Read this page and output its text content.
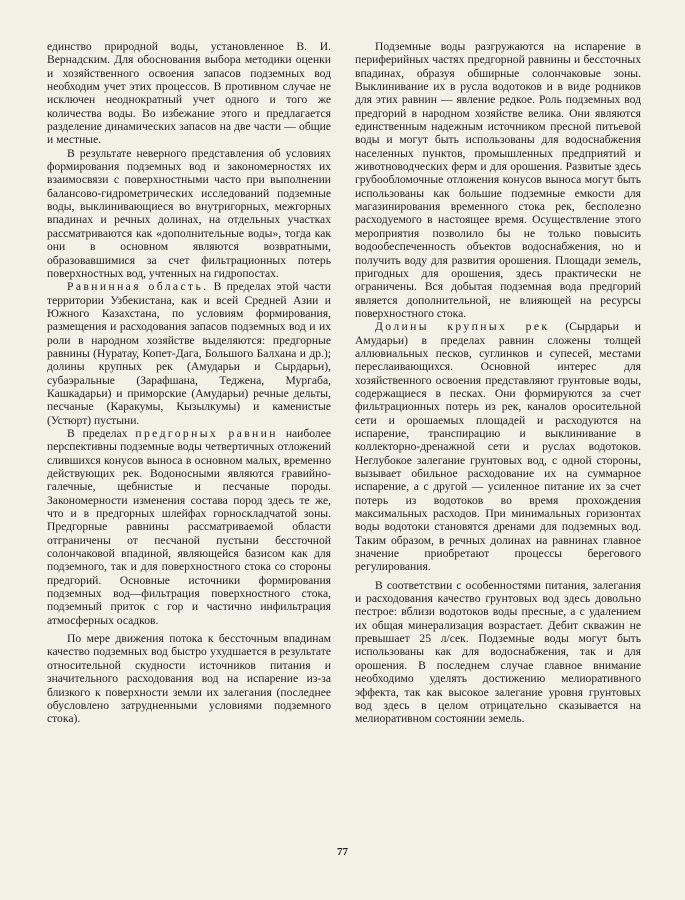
единство природной воды, установленное В. И. Вернадским. Для обоснования выбора методики оценки и хозяйственного освоения запасов подземных вод необходим учет этих процессов. В противном случае не исключен неоднократный учет одного и того же количества воды. Во избежание этого и предлагается разделение динамических запасов на две части — общие и местные.

В результате неверного представления об условиях формирования подземных вод и закономерностях их взаимосвязи с поверхностными часто при выполнении балансово-гидрометрических исследований подземные воды, выклинивающиеся во внутригорных, межгорных впадинах и речных долинах, на отдельных участках рассматриваются как «дополнительные воды», тогда как они в основном являются возвратными, образовавшимися за счет фильтрационных потерь поверхностных вод, учтенных на гидропостах.

Равнинная область. В пределах этой части территории Узбекистана, как и всей Средней Азии и Южного Казахстана, по условиям формирования, размещения и расходования запасов подземных вод и их роли в народном хозяйстве выделяются: предгорные равнины (Нуратау, Копет-Дага, Большого Балхана и др.); долины крупных рек (Амударьи и Сырдарьи), субаэральные (Зарафшана, Теджена, Мургаба, Кашкадарьи) и приморские (Амударьи) речные дельты, песчаные (Каракумы, Кызылкумы) и каменистые (Устюрт) пустыни.

В пределах предгорных равнин наиболее перспективны подземные воды четвертичных отложений слившихся конусов выноса в основном малых, временно действующих рек. Водоносными являются гравийно-галечные, щебнистые и песчаные породы. Закономерности изменения состава пород здесь те же, что и в предгорных шлейфах горноскладчатой зоны. Предгорные равнины рассматриваемой области отграничены от песчаной пустыни бессточной солончаковой впадиной, являющейся базисом как для подземного, так и для поверхностного стока со стороны предгорий. Основные источники формирования подземных вод—фильтрация поверхностного стока, подземный приток с гор и частично инфильтрация атмосферных осадков.

По мере движения потока к бессточным впадинам качество подземных вод быстро ухудшается в результате относительной скудности источников питания и значительного расходования вод на испарение из-за близкого к поверхности земли их залегания (последнее обусловлено затрудненными условиями подземного стока).

Подземные воды разгружаются на испарение в периферийных частях предгорной равнины и бессточных впадинах, образуя обширные солончаковые зоны. Выклинивание их в русла водотоков и в виде родников для этих равнин — явление редкое. Роль подземных вод предгорий в народном хозяйстве велика. Они являются единственным надежным источником пресной питьевой воды и могут быть использованы для водоснабжения населенных пунктов, промышленных предприятий и животноводческих ферм и для орошения. Развитые здесь грубообломочные отложения конусов выноса могут быть использованы как большие подземные емкости для магазинирования временного стока рек, бесполезно расходуемого в настоящее время. Осуществление этого мероприятия позволило бы не только повысить водообеспеченность объектов водоснабжения, но и получить воду для развития орошения. Площади земель, пригодных для орошения, здесь практически не ограничены. Вся добытая подземная вода предгорий является дополнительной, не влияющей на ресурсы поверхностного стока.

Долины крупных рек (Сырдарьи и Амударьи) в пределах равнин сложены толщей аллювиальных песков, суглинков и супесей, местами переслаивающихся. Основной интерес для хозяйственного освоения представляют грунтовые воды, содержащиеся в песках. Они формируются за счет фильтрационных потерь из рек, каналов оросительной сети и орошаемых площадей и расходуются на испарение, транспирацию и выклинивание в коллекторно-дренажной сети и руслах водотоков. Неглубокое залегание грунтовых вод, с одной стороны, вызывает обильное расходование их на суммарное испарение, а с другой — усиленное питание их за счет потерь из водотоков во время прохождения максимальных расходов. При минимальных горизонтах воды водотоки становятся дренами для подземных вод. Таким образом, в речных долинах на равнинах главное значение приобретают процессы берегового регулирования.

В соответствии с особенностями питания, залегания и расходования качество грунтовых вод здесь довольно пестрое: вблизи водотоков воды пресные, а с удалением их общая минерализация возрастает. Дебит скважин не превышает 25 л/сек. Подземные воды могут быть использованы как для водоснабжения, так и для орошения. В последнем случае главное внимание необходимо уделять достижению мелиоративного эффекта, так как высокое залегание уровня грунтовых вод здесь в целом отрицательно сказывается на мелиоративном состоянии земель.

77
